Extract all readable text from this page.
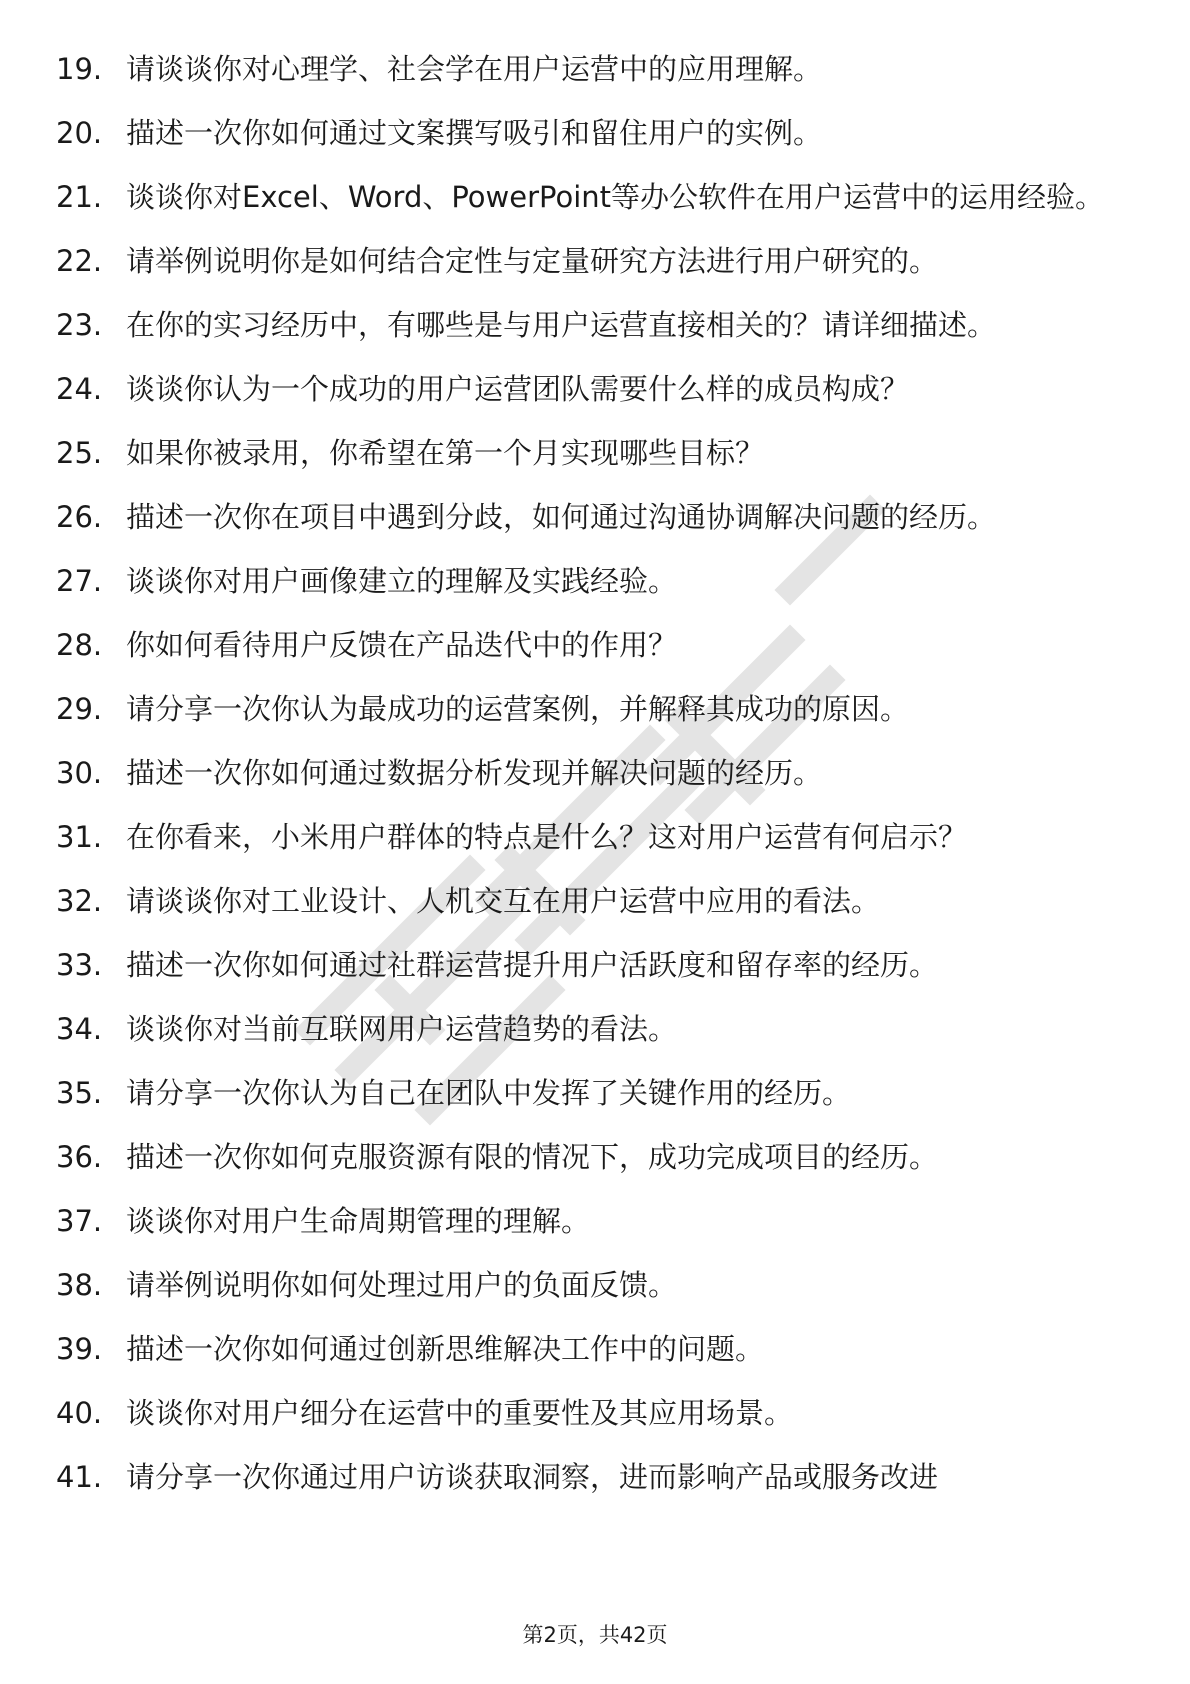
19. 请谈谈你对心理学、社会学在用户运营中的应用理解。
20. 描述一次你如何通过文案撰写吸引和留住用户的实例。
21. 谈谈你对Excel、Word、PowerPoint等办公软件在用户运营中的运用经验。
22. 请举例说明你是如何结合定性与定量研究方法进行用户研究的。
23. 在你的实习经历中，有哪些是与用户运营直接相关的？请详细描述。
24. 谈谈你认为一个成功的用户运营团队需要什么样的成员构成？
25. 如果你被录用，你希望在第一个月实现哪些目标？
26. 描述一次你在项目中遇到分歧，如何通过沟通协调解决问题的经历。
27. 谈谈你对用户画像建立的理解及实践经验。
28. 你如何看待用户反馈在产品迭代中的作用？
29. 请分享一次你认为最成功的运营案例，并解释其成功的原因。
30. 描述一次你如何通过数据分析发现并解决问题的经历。
31. 在你看来，小米用户群体的特点是什么？这对用户运营有何启示？
32. 请谈谈你对工业设计、人机交互在用户运营中应用的看法。
33. 描述一次你如何通过社群运营提升用户活跃度和留存率的经历。
34. 谈谈你对当前互联网用户运营趋势的看法。
35. 请分享一次你认为自己在团队中发挥了关键作用的经历。
36. 描述一次你如何克服资源有限的情况下，成功完成项目的经历。
37. 谈谈你对用户生命周期管理的理解。
38. 请举例说明你如何处理过用户的负面反馈。
39. 描述一次你如何通过创新思维解决工作中的问题。
40. 谈谈你对用户细分在运营中的重要性及其应用场景。
41. 请分享一次你通过用户访谈获取洞察，进而影响产品或服务改进
第2页，共42页
